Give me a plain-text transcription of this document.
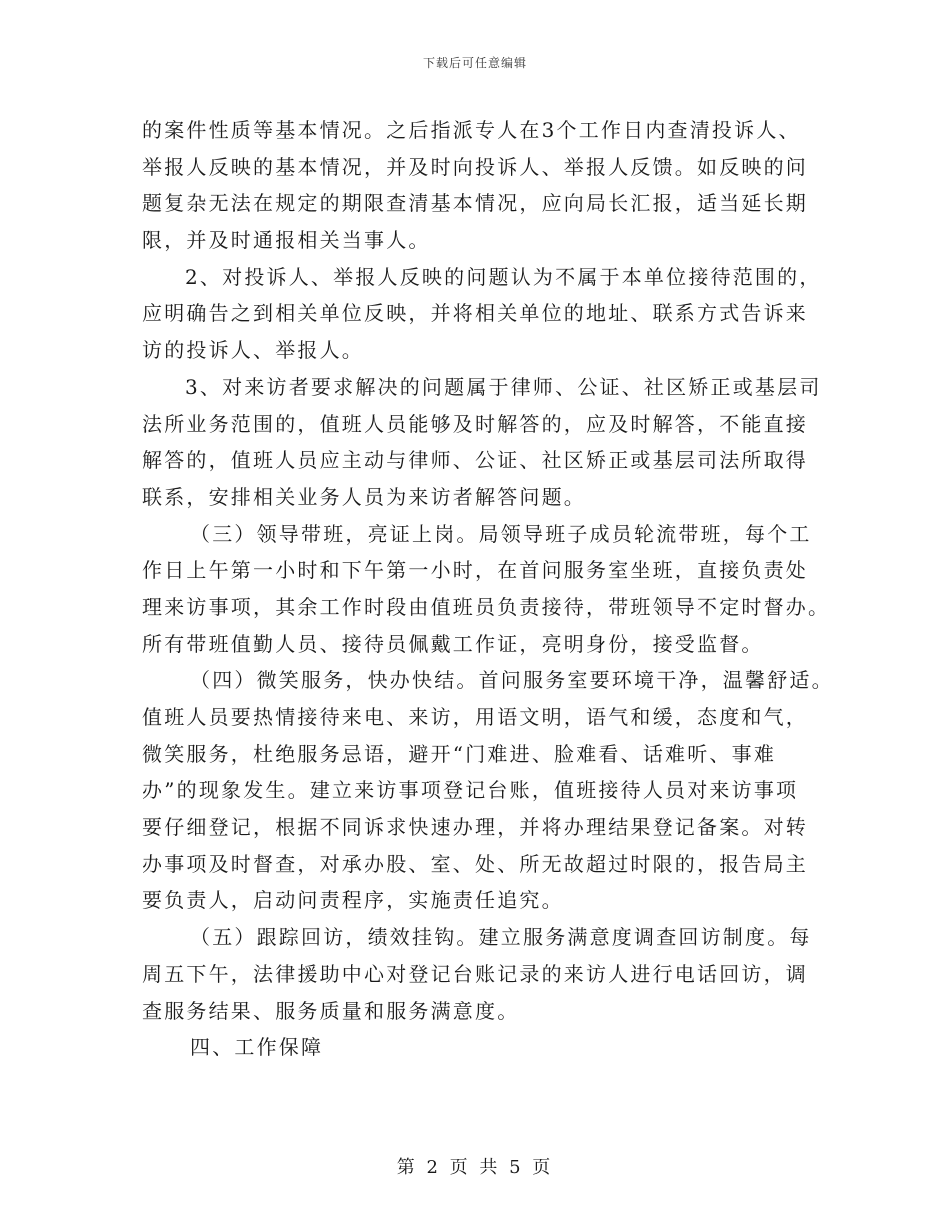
下载后可任意编辑
的案件性质等基本情况。之后指派专人在3个工作日内查清投诉人、
举报人反映的基本情况，并及时向投诉人、举报人反馈。如反映的问
题复杂无法在规定的期限查清基本情况，应向局长汇报，适当延长期
限，并及时通报相关当事人。
2、对投诉人、举报人反映的问题认为不属于本单位接待范围的，
应明确告之到相关单位反映，并将相关单位的地址、联系方式告诉来
访的投诉人、举报人。
3、对来访者要求解决的问题属于律师、公证、社区矫正或基层司
法所业务范围的，值班人员能够及时解答的，应及时解答，不能直接
解答的，值班人员应主动与律师、公证、社区矫正或基层司法所取得
联系，安排相关业务人员为来访者解答问题。
（三）领导带班，亮证上岗。局领导班子成员轮流带班，每个工
作日上午第一小时和下午第一小时，在首问服务室坐班，直接负责处
理来访事项，其余工作时段由值班员负责接待，带班领导不定时督办。
所有带班值勤人员、接待员佩戴工作证，亮明身份，接受监督。
（四）微笑服务，快办快结。首问服务室要环境干净，温馨舒适。
值班人员要热情接待来电、来访，用语文明，语气和缓，态度和气，
微笑服务，杜绝服务忌语，避开“门难进、脸难看、话难听、事难
办”的现象发生。建立来访事项登记台账，值班接待人员对来访事项
要仔细登记，根据不同诉求快速办理，并将办理结果登记备案。对转
办事项及时督查，对承办股、室、处、所无故超过时限的，报告局主
要负责人，启动问责程序，实施责任追究。
（五）跟踪回访，绩效挂钩。建立服务满意度调查回访制度。每
周五下午，法律援助中心对登记台账记录的来访人进行电话回访，调
查服务结果、服务质量和服务满意度。
四、工作保障
第 2 页 共 5 页
